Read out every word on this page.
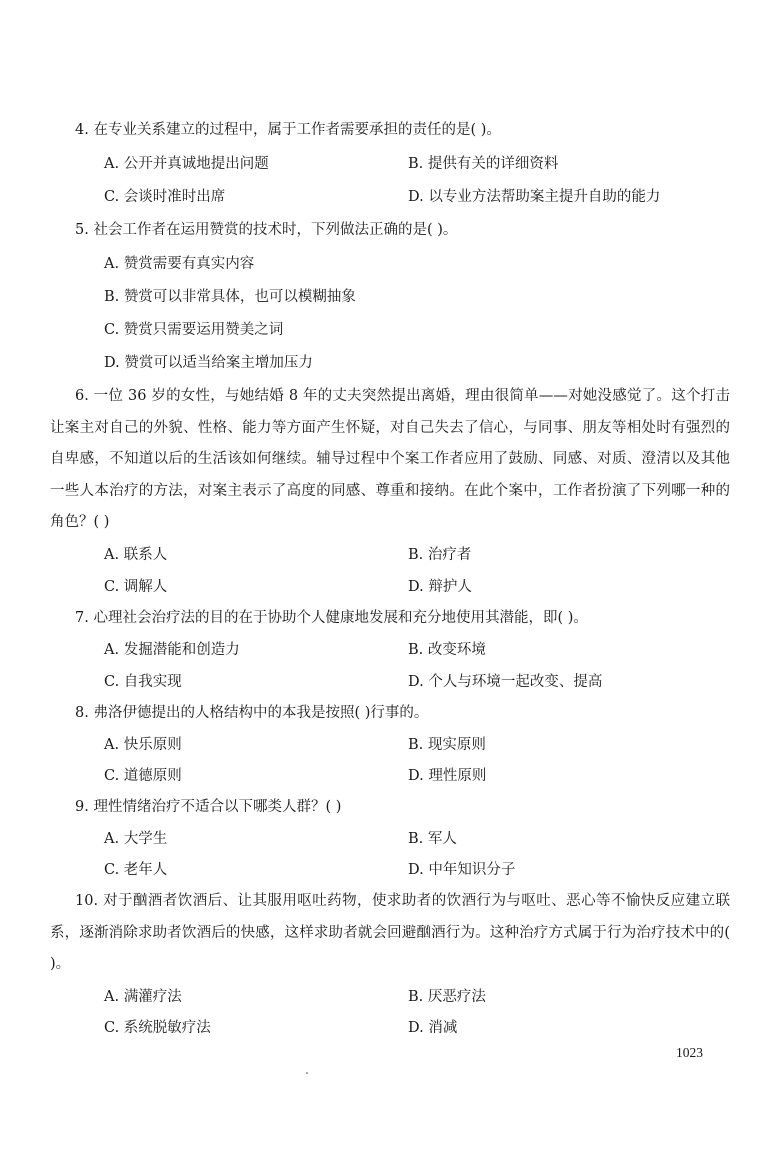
4. 在专业关系建立的过程中，属于工作者需要承担的责任的是( )。
A. 公开并真诚地提出问题	B. 提供有关的详细资料
C. 会谈时准时出席	D. 以专业方法帮助案主提升自助的能力
5. 社会工作者在运用赞赏的技术时，下列做法正确的是( )。
A. 赞赏需要有真实内容
B. 赞赏可以非常具体，也可以模糊抽象
C. 赞赏只需要运用赞美之词
D. 赞赏可以适当给案主增加压力
6. 一位 36 岁的女性，与她结婚 8 年的丈夫突然提出离婚，理由很简单——对她没感觉了。这个打击让案主对自己的外貌、性格、能力等方面产生怀疑，对自己失去了信心，与同事、朋友等相处时有强烈的自卑感，不知道以后的生活该如何继续。辅导过程中个案工作者应用了鼓励、同感、对质、澄清以及其他一些人本治疗的方法，对案主表示了高度的同感、尊重和接纳。在此个案中，工作者扮演了下列哪一种的角色？( )
A. 联系人	B. 治疗者
C. 调解人	D. 辩护人
7. 心理社会治疗法的目的在于协助个人健康地发展和充分地使用其潜能，即( )。
A. 发掘潜能和创造力	B. 改变环境
C. 自我实现	D. 个人与环境一起改变、提高
8. 弗洛伊德提出的人格结构中的本我是按照( )行事的。
A. 快乐原则	B. 现实原则
C. 道德原则	D. 理性原则
9. 理性情绪治疗不适合以下哪类人群？( )
A. 大学生	B. 军人
C. 老年人	D. 中年知识分子
10. 对于酗酒者饮酒后、让其服用呕吐药物，使求助者的饮酒行为与呕吐、恶心等不愉快反应建立联系，逐渐消除求助者饮酒后的快感，这样求助者就会回避酗酒行为。这种治疗方式属于行为治疗技术中的( )。
A. 满灌疗法	B. 厌恶疗法
C. 系统脱敏疗法	D. 消减
1023
